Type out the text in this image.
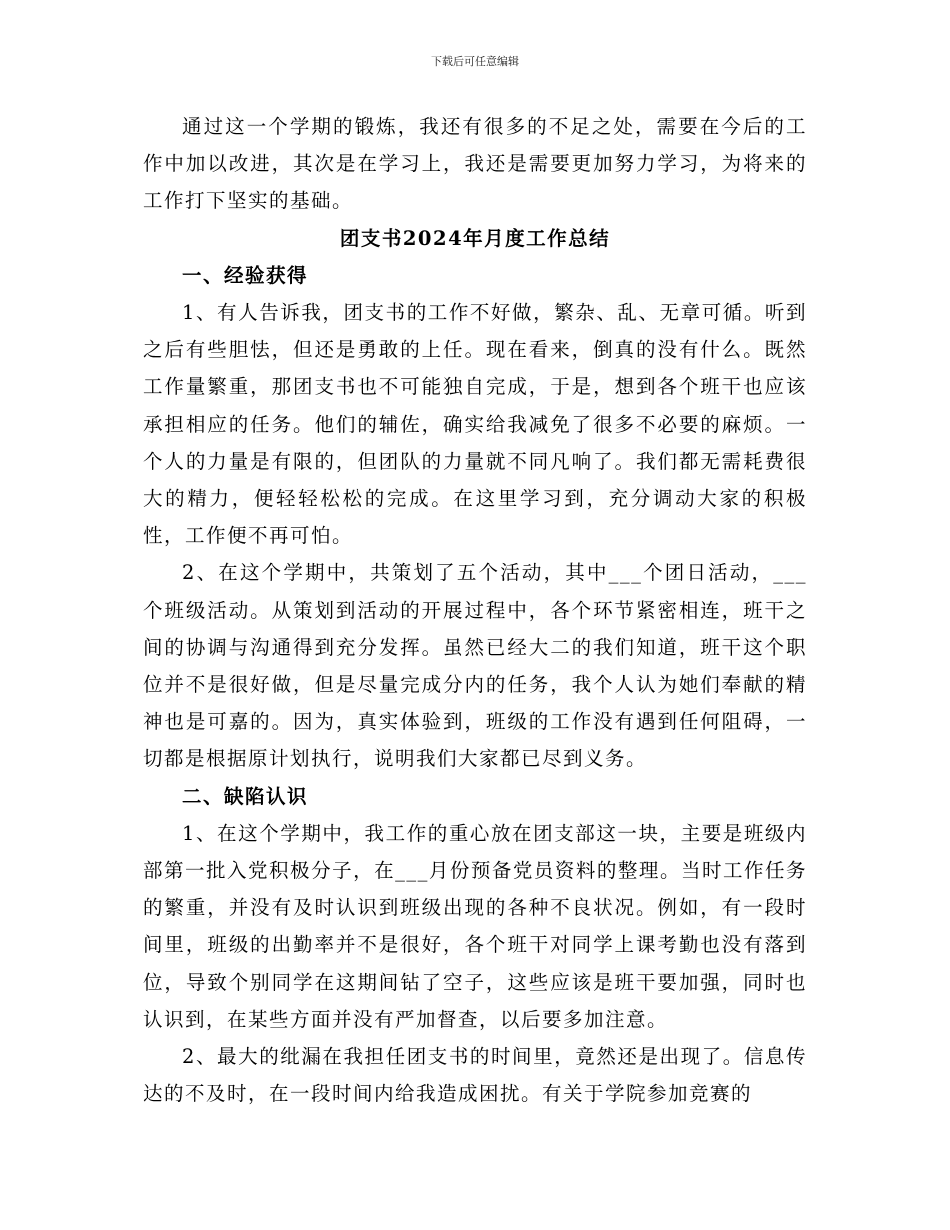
下载后可任意编辑

通过这一个学期的锻炼，我还有很多的不足之处，需要在今后的工作中加以改进，其次是在学习上，我还是需要更加努力学习，为将来的工作打下坚实的基础。

团支书2024年月度工作总结

一、经验获得

1、有人告诉我，团支书的工作不好做，繁杂、乱、无章可循。听到之后有些胆怯，但还是勇敢的上任。现在看来，倒真的没有什么。既然工作量繁重，那团支书也不可能独自完成，于是，想到各个班干也应该承担相应的任务。他们的辅佐，确实给我减免了很多不必要的麻烦。一个人的力量是有限的，但团队的力量就不同凡响了。我们都无需耗费很大的精力，便轻轻松松的完成。在这里学习到，充分调动大家的积极性，工作便不再可怕。

2、在这个学期中，共策划了五个活动，其中___个团日活动，___个班级活动。从策划到活动的开展过程中，各个环节紧密相连，班干之间的协调与沟通得到充分发挥。虽然已经大二的我们知道，班干这个职位并不是很好做，但是尽量完成分内的任务，我个人认为她们奉献的精神也是可嘉的。因为，真实体验到，班级的工作没有遇到任何阻碍，一切都是根据原计划执行，说明我们大家都已尽到义务。

二、缺陷认识

1、在这个学期中，我工作的重心放在团支部这一块，主要是班级内部第一批入党积极分子，在___月份预备党员资料的整理。当时工作任务的繁重，并没有及时认识到班级出现的各种不良状况。例如，有一段时间里，班级的出勤率并不是很好，各个班干对同学上课考勤也没有落到位，导致个别同学在这期间钻了空子，这些应该是班干要加强，同时也认识到，在某些方面并没有严加督查，以后要多加注意。

2、最大的纰漏在我担任团支书的时间里，竟然还是出现了。信息传达的不及时，在一段时间内给我造成困扰。有关于学院参加竞赛的
